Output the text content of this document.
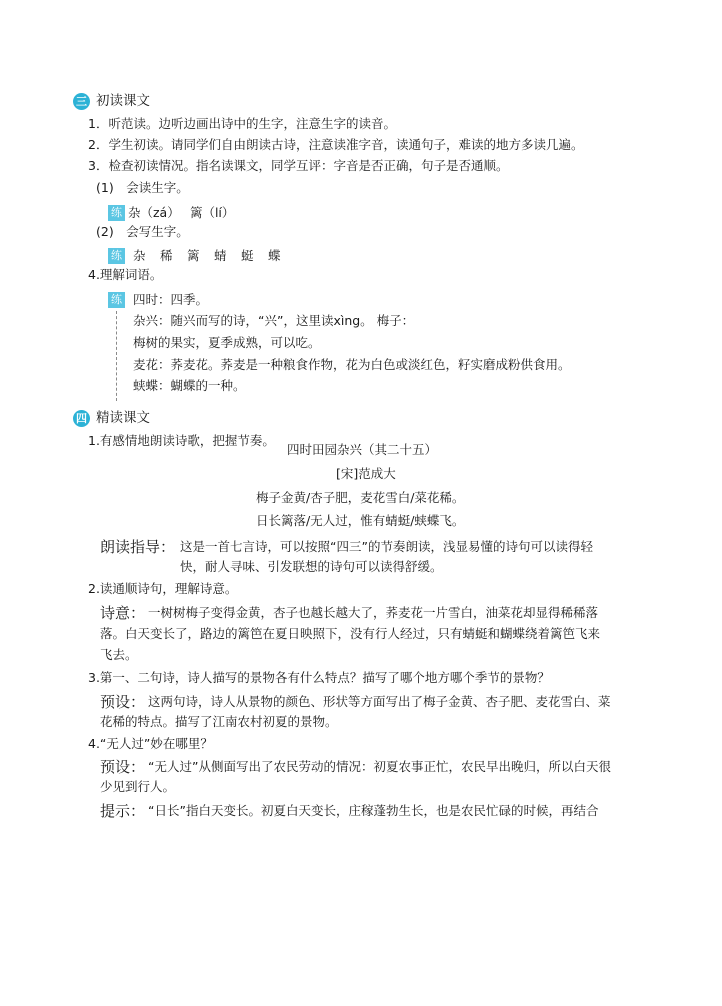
三 初读课文
1．听范读。边听边画出诗中的生字，注意生字的读音。
2．学生初读。请同学们自由朗读古诗，注意读准字音，读通句子，难读的地方多读几遍。
3．检查初读情况。指名读课文，同学互评：字音是否正确，句子是否通顺。
(1)　会读生字。
练 杂（zá）　 篱（lí）
(2)　会写生字。
练 杂　稀　篱　蜻　蜓　蝶
4.理解词语。
练 四时：四季。
杂兴：随兴而写的诗，“兴”，这里读xìng。 梅子：
梅树的果实，夏季成熟，可以吃。
麦花：荞麦花。荞麦是一种粮食作物，花为白色或淡红色，籽实磨成粉供食用。
蛱蝶：蝴蝶的一种。
四 精读课文
1.有感情地朗读诗歌，把握节奏。
四时田园杂兴（其二十五）
[宋]范成大
梅子金黄/杏子肥，麦花雪白/菜花稀。
日长篱落/无人过，惟有蜻蜓/蛱蝶飞。
朗读指导： 这是一首七言诗，可以按照“四三”的节奏朗读，浅显易懂的诗句可以读得轻
快，耐人寻味、引发联想的诗句可以读得舒缓。
2.读通顺诗句，理解诗意。
诗意： 一树树梅子变得金黄，杏子也越长越大了，荞麦花一片雪白，油菜花却显得稀稀落
落。白天变长了，路边的篱笆在夏日映照下，没有行人经过，只有蜻蜓和蝴蝶绕着篱笆飞来
飞去。
3.第一、二句诗，诗人描写的景物各有什么特点？描写了哪个地方哪个季节的景物？
预设： 这两句诗，诗人从景物的颜色、形状等方面写出了梅子金黄、杏子肥、麦花雪白、菜
花稀的特点。描写了江南农村初夏的景物。
4.“无人过”妙在哪里？
预设： “无人过”从侧面写出了农民劳动的情况：初夏农事正忙，农民早出晚归，所以白天很
少见到行人。
提示： “日长”指白天变长。初夏白天变长，庄稼蓬勃生长，也是农民忙碌的时候，再结合
